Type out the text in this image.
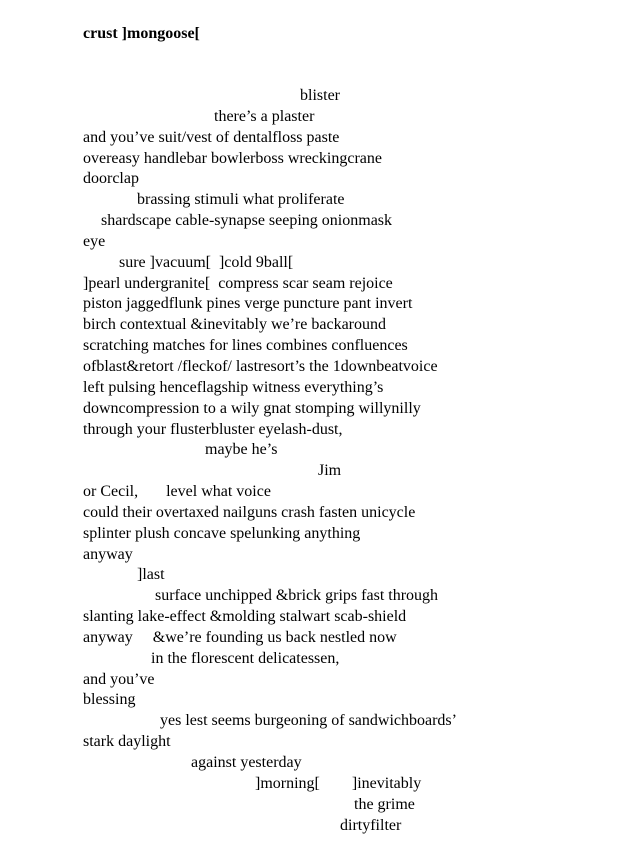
crust ]mongoose[
blister
there’s a plaster
and you’ve suit/vest of dentalfloss paste
overeasy handlebar bowlerboss wreckingcrane
doorclap
brassing stimuli what proliferate
shardscape cable-synapse seeping onionmask
eye
sure ]vacuum[  ]cold 9ball[
]pearl undergranite[  compress scar seam rejoice
piston jaggedflunk pines verge puncture pant invert
birch contextual &inevitably we’re backaround
scratching matches for lines combines confluences
ofblast&retort /fleckof/ lastresort’s the 1downbeatvoice
left pulsing henceflagship witness everything’s
downcompression to a wily gnat stomping willynilly
through your flusterbluster eyelash-dust,
maybe he’s
Jim
or Cecil,       level what voice
could their overtaxed nailguns crash fasten unicycle
splinter plush concave spelunking anything
anyway
]last
surface unchipped &brick grips fast through
slanting lake-effect &molding stalwart scab-shield
anyway     &we’re founding us back nestled now
in the florescent delicatessen,
and you’ve
blessing
yes lest seems burgeoning of sandwichboards’
stark daylight
against yesterday
]morning[        ]inevitably
the grime
dirtyfilter
